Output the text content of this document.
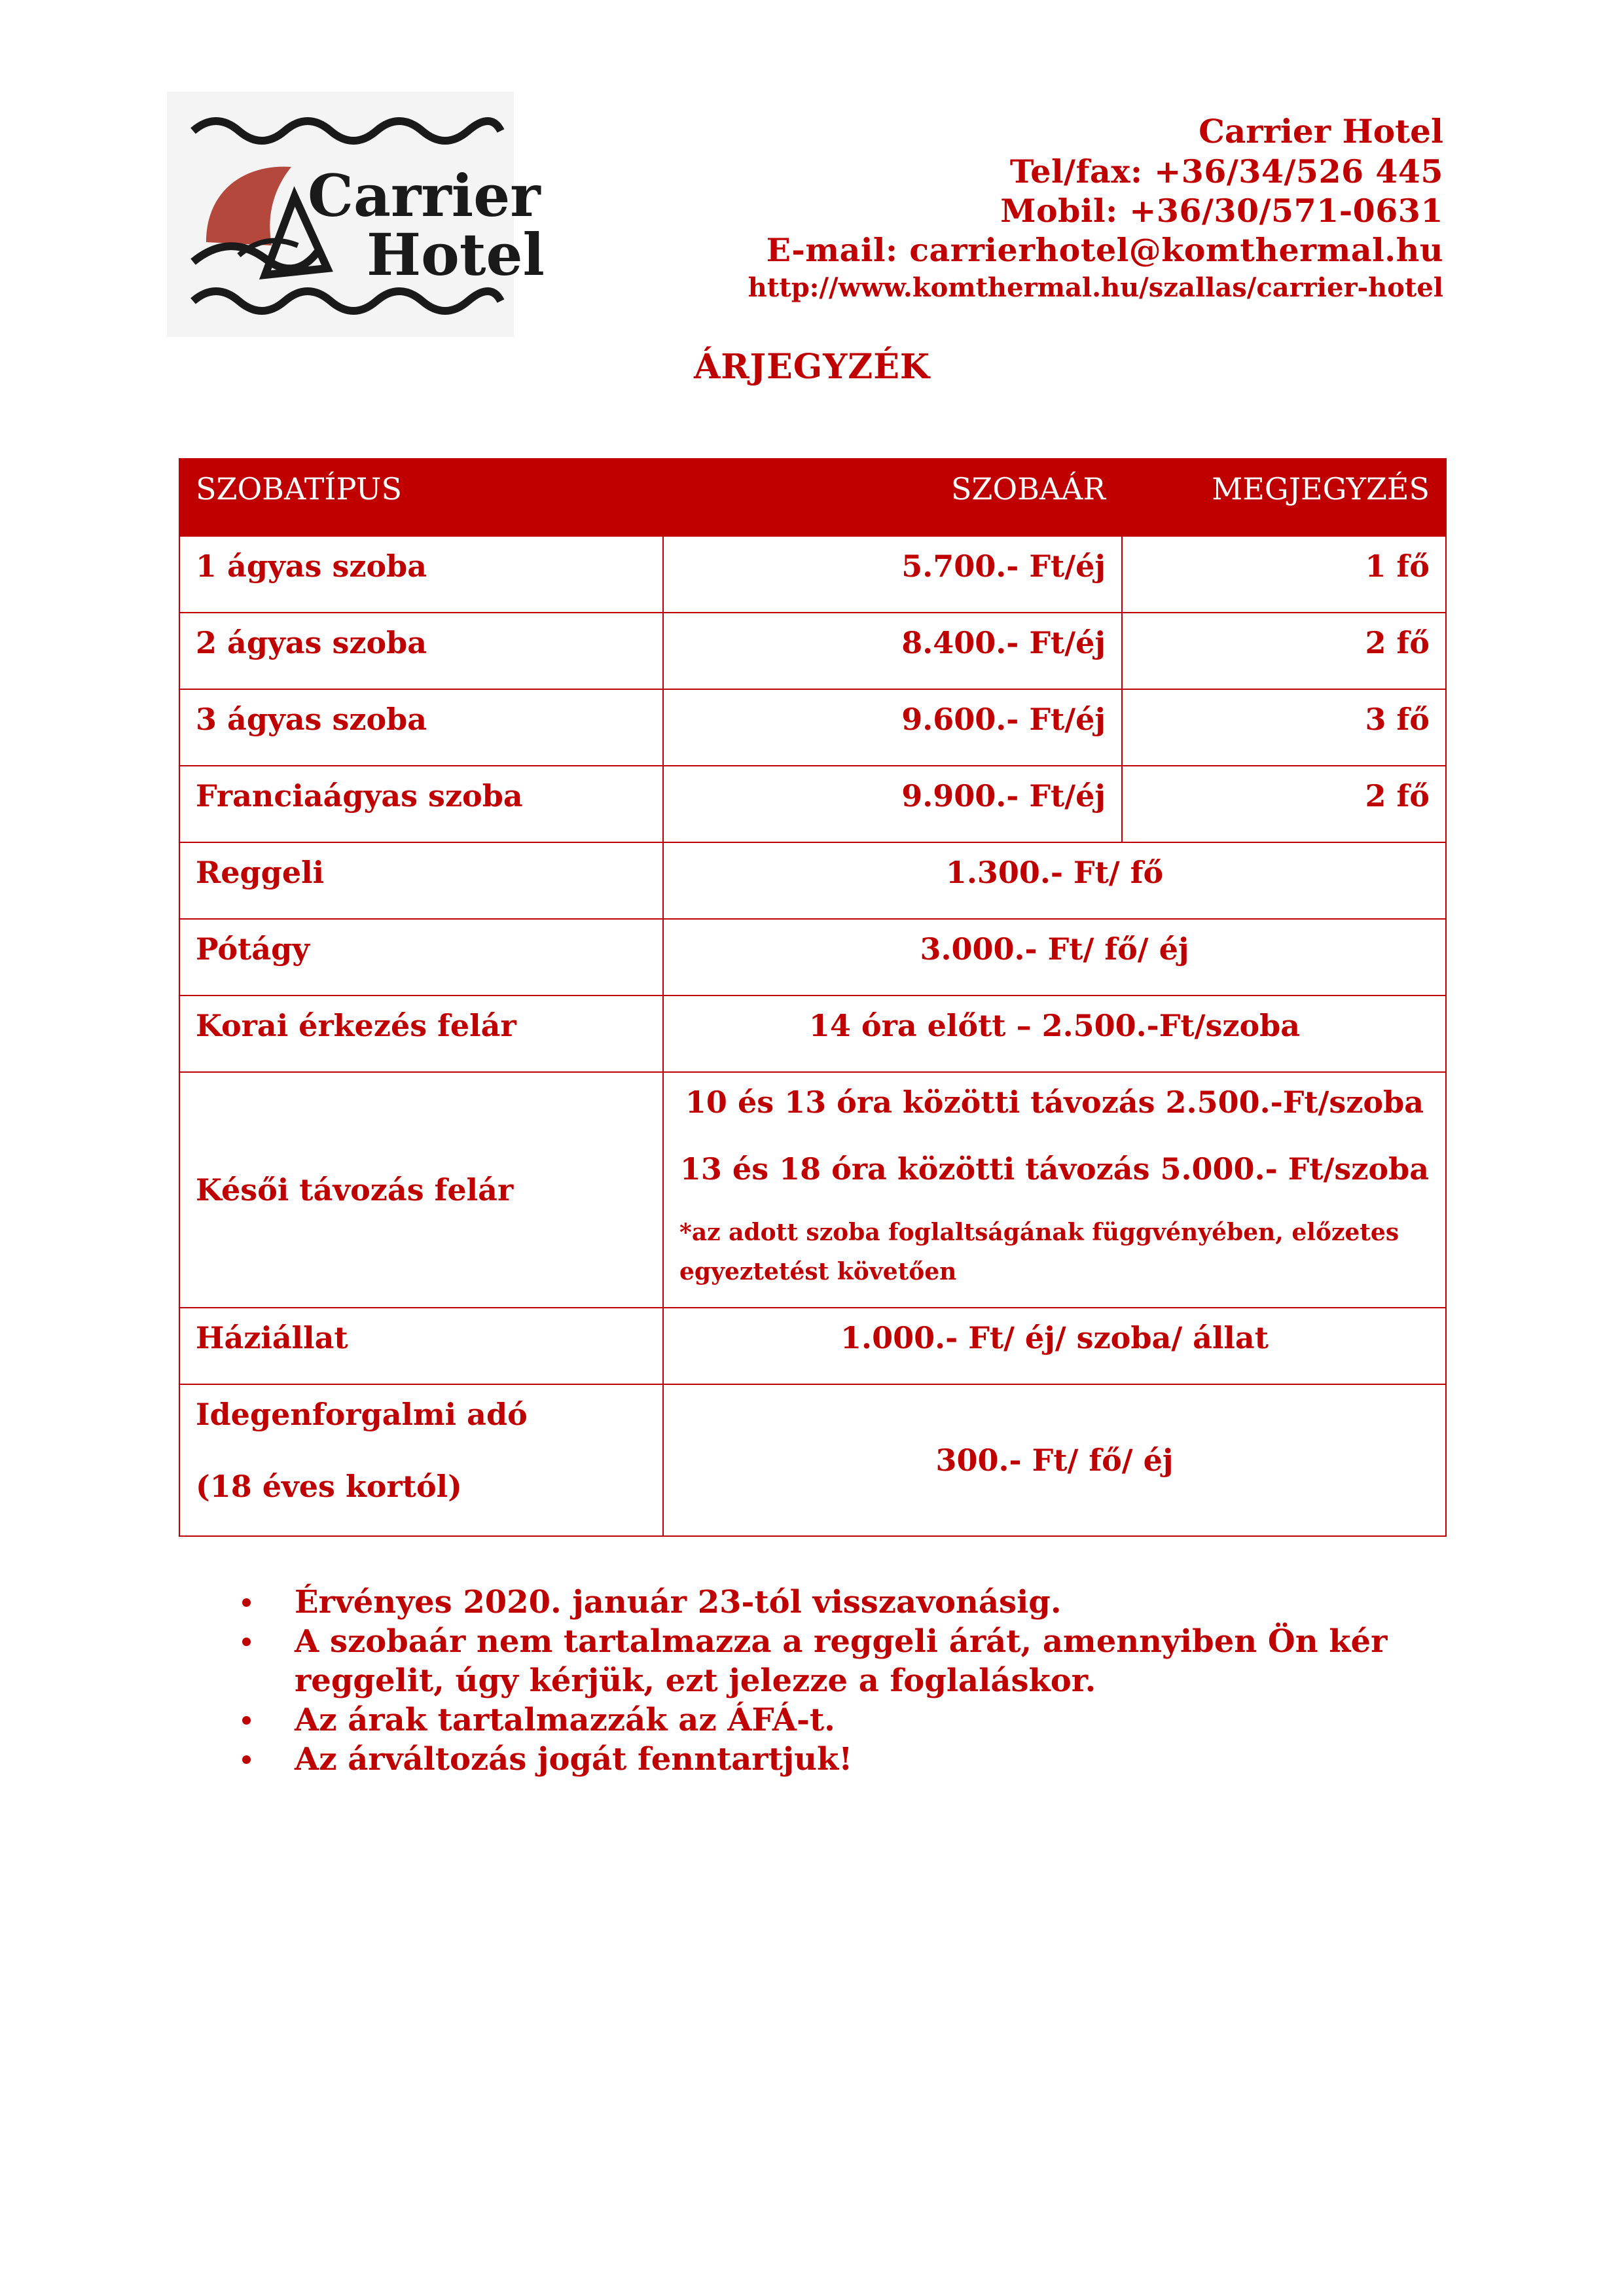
Carrier
Hotel
Carrier Hotel
Tel/fax: +36/34/526 445
Mobil: +36/30/571-0631
E-mail: carrierhotel@komthermal.hu
http://www.komthermal.hu/szallas/carrier-hotel
ÁRJEGYZÉK
SZOBATÍPUS	SZOBAÁR	MEGJEGYZÉS
1 ágyas szoba	5.700.- Ft/éj	1 fő
2 ágyas szoba	8.400.- Ft/éj	2 fő
3 ágyas szoba	9.600.- Ft/éj	3 fő
Franciaágyas szoba	9.900.- Ft/éj	2 fő
Reggeli	1.300.- Ft/ fő	
Pótágy	3.000.- Ft/ fő/ éj	
Korai érkezés felár	14 óra előtt – 2.500.-Ft/szoba	
Késői távozás felár	10 és 13 óra közötti távozás 2.500.-Ft/szoba
13 és 18 óra közötti távozás 5.000.- Ft/szoba
*az adott szoba foglaltságának függvényében, előzetes egyeztetést követően	

Háziállat	1.000.- Ft/ éj/ szoba/ állat	
Idegenforgalmi adó
(18 éves kortól)	300.- Ft/ fő/ éj	
Érvényes 2020. január 23-tól visszavonásig.
A szobaár nem tartalmazza a reggeli árát, amennyiben Ön kér reggelit, úgy kérjük, ezt jelezze a foglaláskor.
Az árak tartalmazzák az ÁFÁ-t.
Az árváltozás jogát fenntartjuk!
